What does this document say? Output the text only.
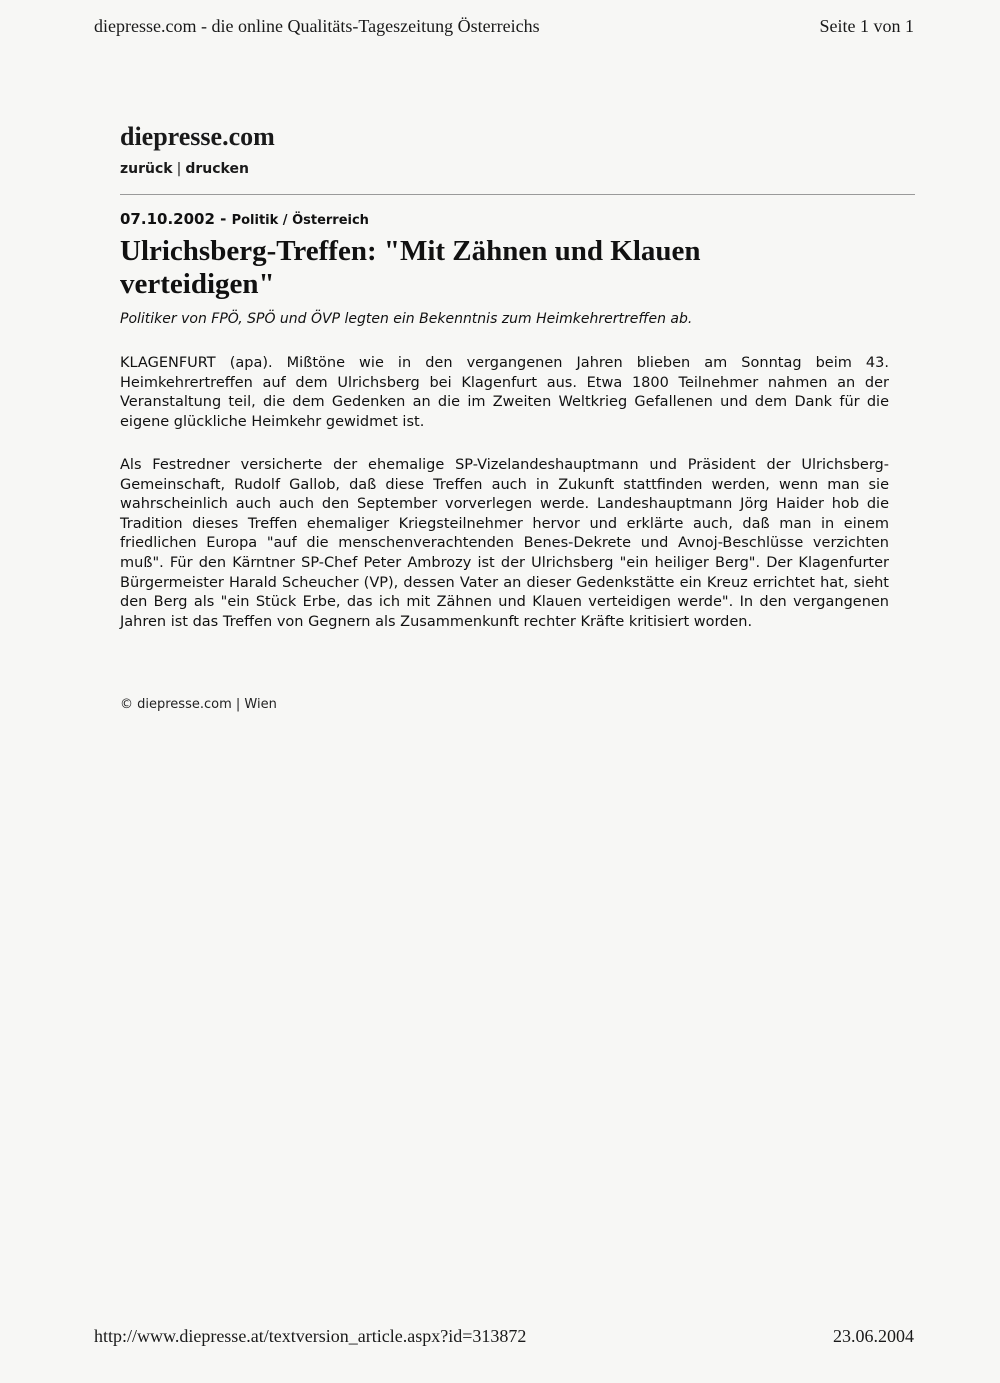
diepresse.com - die online Qualitäts-Tageszeitung Österreichs	Seite 1 von 1
diepresse.com
zurück | drucken
07.10.2002 - Politik / Österreich
Ulrichsberg-Treffen: "Mit Zähnen und Klauen verteidigen"
Politiker von FPÖ, SPÖ und ÖVP legten ein Bekenntnis zum Heimkehrertreffen ab.

KLAGENFURT (apa). Mißtöne wie in den vergangenen Jahren blieben am Sonntag beim 43. Heimkehrertreffen auf dem Ulrichsberg bei Klagenfurt aus. Etwa 1800 Teilnehmer nahmen an der Veranstaltung teil, die dem Gedenken an die im Zweiten Weltkrieg Gefallenen und dem Dank für die eigene glückliche Heimkehr gewidmet ist.

Als Festredner versicherte der ehemalige SP-Vizelandeshauptmann und Präsident der Ulrichsberg-Gemeinschaft, Rudolf Gallob, daß diese Treffen auch in Zukunft stattfinden werden, wenn man sie wahrscheinlich auch auch den September vorverlegen werde. Landeshauptmann Jörg Haider hob die Tradition dieses Treffen ehemaliger Kriegsteilnehmer hervor und erklärte auch, daß man in einem friedlichen Europa "auf die menschenverachtenden Benes-Dekrete und Avnoj-Beschlüsse verzichten muß". Für den Kärntner SP-Chef Peter Ambrozy ist der Ulrichsberg "ein heiliger Berg". Der Klagenfurter Bürgermeister Harald Scheucher (VP), dessen Vater an dieser Gedenkstätte ein Kreuz errichtet hat, sieht den Berg als "ein Stück Erbe, das ich mit Zähnen und Klauen verteidigen werde". In den vergangenen Jahren ist das Treffen von Gegnern als Zusammenkunft rechter Kräfte kritisiert worden.

© diepresse.com | Wien
http://www.diepresse.at/textversion_article.aspx?id=313872	23.06.2004
